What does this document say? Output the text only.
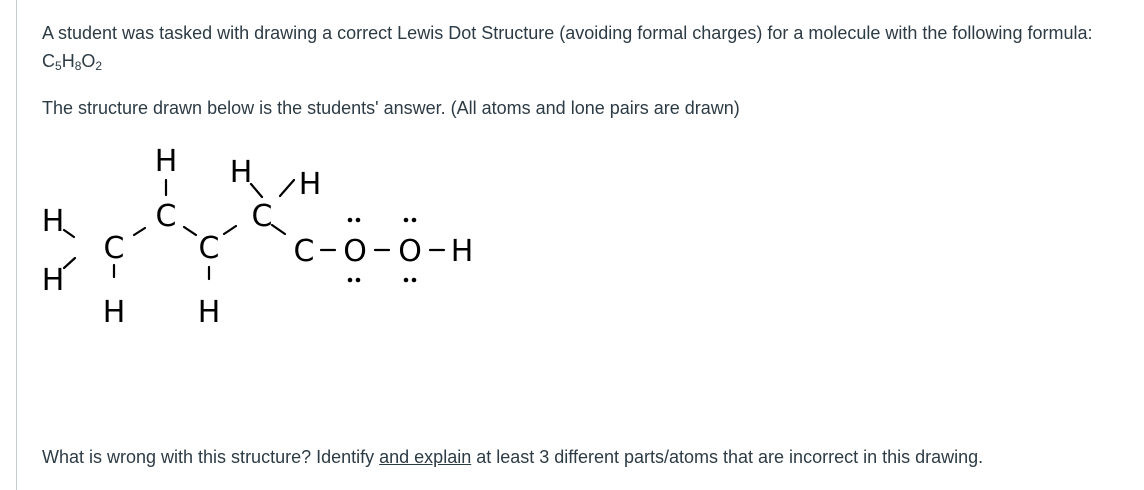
A student was tasked with drawing a correct Lewis Dot Structure (avoiding formal charges) for a molecule with the following formula: $C_5H_8O_2$

The structure drawn below is the students' answer. (All atoms and lone pairs are drawn)

H H H
C	C
H
C C C O O H
H
H H

What is wrong with this structure? Identify and explain at least 3 different parts/atoms that are incorrect in this drawing.
